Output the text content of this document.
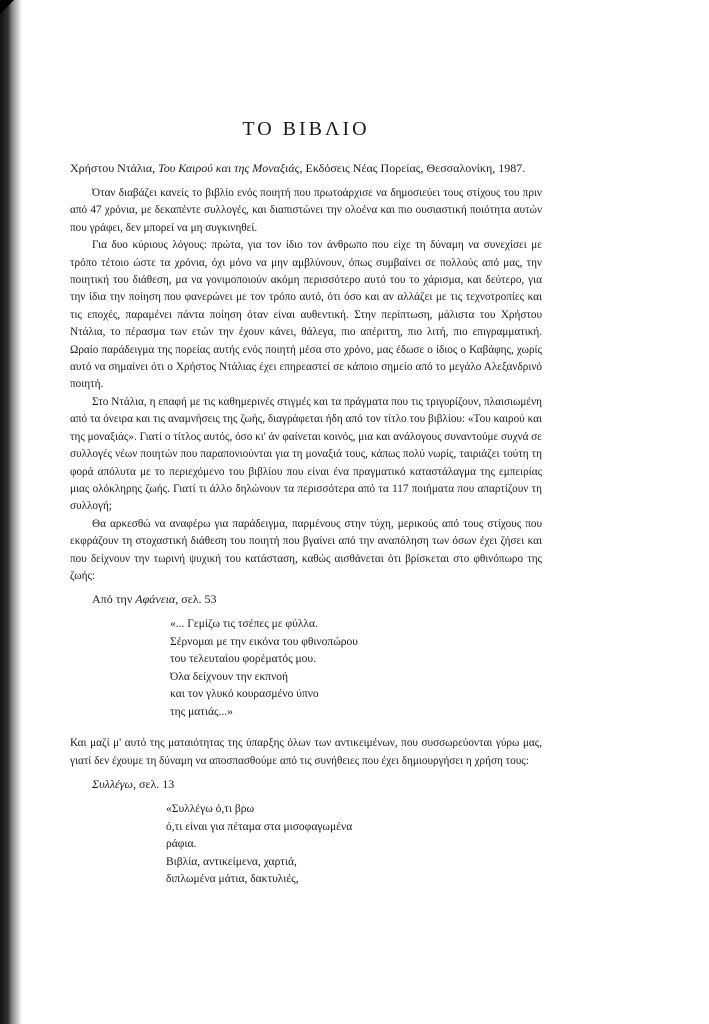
ΤΟ ΒΙΒΛΙΟ

Χρήστου Ντάλια, Του Καιρού και της Μοναξιάς, Εκδόσεις Νέας Πορείας, Θεσσαλονίκη, 1987.

Όταν διαβάζει κανείς το βιβλίο ενός ποιητή που πρωτοάρχισε να δημοσιεύει τους στίχους του πριν από 47 χρόνια, με δεκαπέντε συλλογές, και διαπιστώνει την ολοένα και πιο ουσιαστική ποιότητα αυτών που γράφει, δεν μπορεί να μη συγκινηθεί.

Για δυο κύριους λόγους: πρώτα, για τον ίδιο τον άνθρωπο που είχε τη δύναμη να συνεχίσει με τρόπο τέτοιο ώστε τα χρόνια, όχι μόνο να μην αμβλύνουν, όπως συμβαίνει σε πολλούς από μας, την ποιητική του διάθεση, μα να γονιμοποιούν ακόμη περισσότερο αυτό του το χάρισμα, και δεύτερο, για την ίδια την ποίηση που φανερώνει με τον τρόπο αυτό, ότι όσο και αν αλλάζει με τις τεχνοτροπίες και τις εποχές, παραμένει πάντα ποίηση όταν είναι αυθεντική. Στην περίπτωση, μάλιστα του Χρήστου Ντάλια, το πέρασμα των ετών την έχουν κάνει, θάλεγα, πιο απέριττη, πιο λιτή, πιο επιγραμματική. Ωραίο παράδειγμα της πορείας αυτής ενός ποιητή μέσα στο χρόνο, μας έδωσε ο ίδιος ο Καβάφης, χωρίς αυτό να σημαίνει ότι ο Χρήστος Ντάλιας έχει επηρεαστεί σε κάποιο σημείο από το μεγάλο Αλεξανδρινό ποιητή.

Στο Ντάλια, η επαφή με τις καθημερινές στιγμές και τα πράγματα που τις τριγυρίζουν, πλαισιωμένη από τα όνειρα και τις αναμνήσεις της ζωής, διαγράφεται ήδη από τον τίτλο του βιβλίου: «Του καιρού και της μοναξιάς». Γιατί ο τίτλος αυτός, όσο κι' άν φαίνεται κοινός, μια και ανάλογους συναντούμε συχνά σε συλλογές νέων ποιητών που παραπονιούνται για τη μοναξιά τους, κάπως πολύ νωρίς, ταιριάζει τούτη τη φορά απόλυτα με το περιεχόμενο του βιβλίου που είναι ένα πραγματικό καταστάλαγμα της εμπειρίας μιας ολόκληρης ζωής. Γιατί τι άλλο δηλώνουν τα περισσότερα από τα 117 ποιήματα που απαρτίζουν τη συλλογή;

Θα αρκεσθώ να αναφέρω για παράδειγμα, παρμένους στην τύχη, μερικούς από τους στίχους που εκφράζουν τη στοχαστική διάθεση του ποιητή που βγαίνει από την αναπόληση των όσων έχει ζήσει και που δείχνουν την τωρινή ψυχική του κατάσταση, καθώς αισθάνεται ότι βρίσκεται στο φθινόπωρο της ζωής:

Από την Αφάνεια, σελ. 53
«... Γεμίζω τις τσέπες με φύλλα.
Σέρνομαι με την εικόνα του φθινοπώρου
του τελευταίου φορέματός μου.
Όλα δείχνουν την εκπνοή
και τον γλυκό κουρασμένο ύπνο
της ματιάς...»

Και μαζί μ' αυτό της ματαιότητας της ύπαρξης όλων των αντικειμένων, που συσσωρεύονται γύρω μας, γιατί δεν έχουμε τη δύναμη να αποσπασθούμε από τις συνήθειες που έχει δημιουργήσει η χρήση τους:

Συλλέγω, σελ. 13
«Συλλέγω ό,τι βρω
ό,τι είναι για πέταμα στα μισοφαγωμένα
ράφια.
Βιβλία, αντικείμενα, χαρτιά,
διπλωμένα μάτια, δακτυλιές,
